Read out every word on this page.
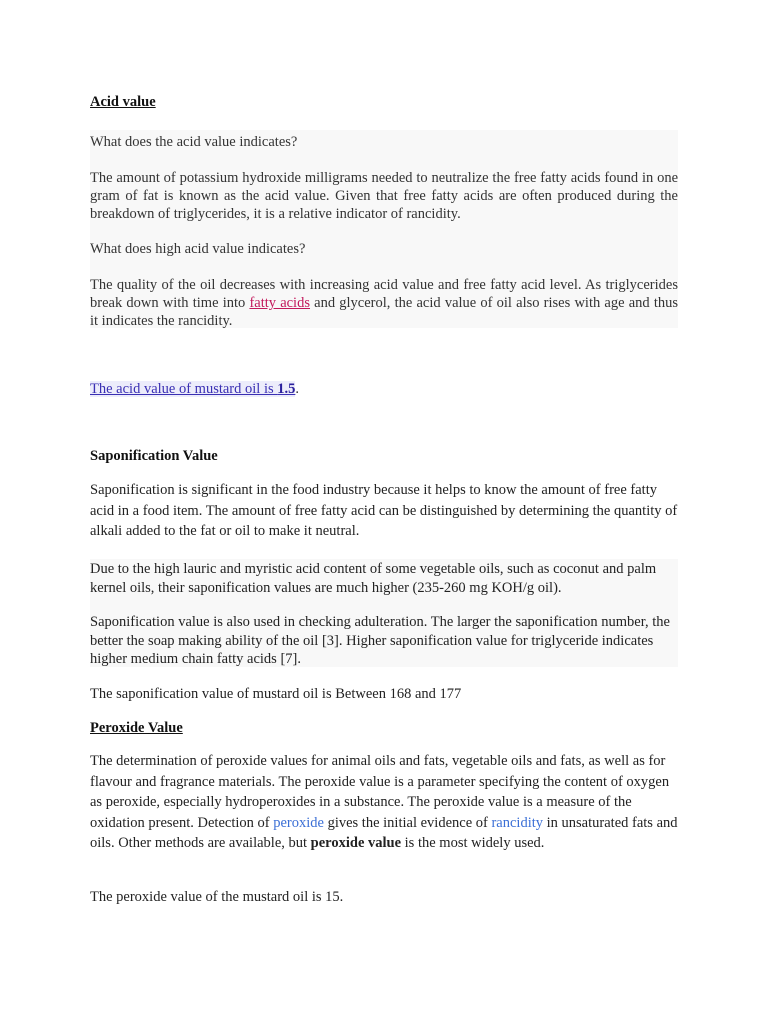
Acid value

What does the acid value indicates?

The amount of potassium hydroxide milligrams needed to neutralize the free fatty acids found in one gram of fat is known as the acid value. Given that free fatty acids are often produced during the breakdown of triglycerides, it is a relative indicator of rancidity.

What does high acid value indicates?

The quality of the oil decreases with increasing acid value and free fatty acid level. As triglycerides break down with time into fatty acids and glycerol, the acid value of oil also rises with age and thus it indicates the rancidity.

The acid value of mustard oil is 1.5.

Saponification Value

Saponification is significant in the food industry because it helps to know the amount of free fatty acid in a food item. The amount of free fatty acid can be distinguished by determining the quantity of alkali added to the fat or oil to make it neutral.

Due to the high lauric and myristic acid content of some vegetable oils, such as coconut and palm kernel oils, their saponification values are much higher (235-260 mg KOH/g oil).

Saponification value is also used in checking adulteration. The larger the saponification number, the better the soap making ability of the oil [3]. Higher saponification value for triglyceride indicates higher medium chain fatty acids [7].

The saponification value of mustard oil is Between 168 and 177

Peroxide Value

The determination of peroxide values for animal oils and fats, vegetable oils and fats, as well as for flavour and fragrance materials. The peroxide value is a parameter specifying the content of oxygen as peroxide, especially hydroperoxides in a substance. The peroxide value is a measure of the oxidation present. Detection of peroxide gives the initial evidence of rancidity in unsaturated fats and oils. Other methods are available, but peroxide value is the most widely used.

The peroxide value of the mustard oil is 15.
